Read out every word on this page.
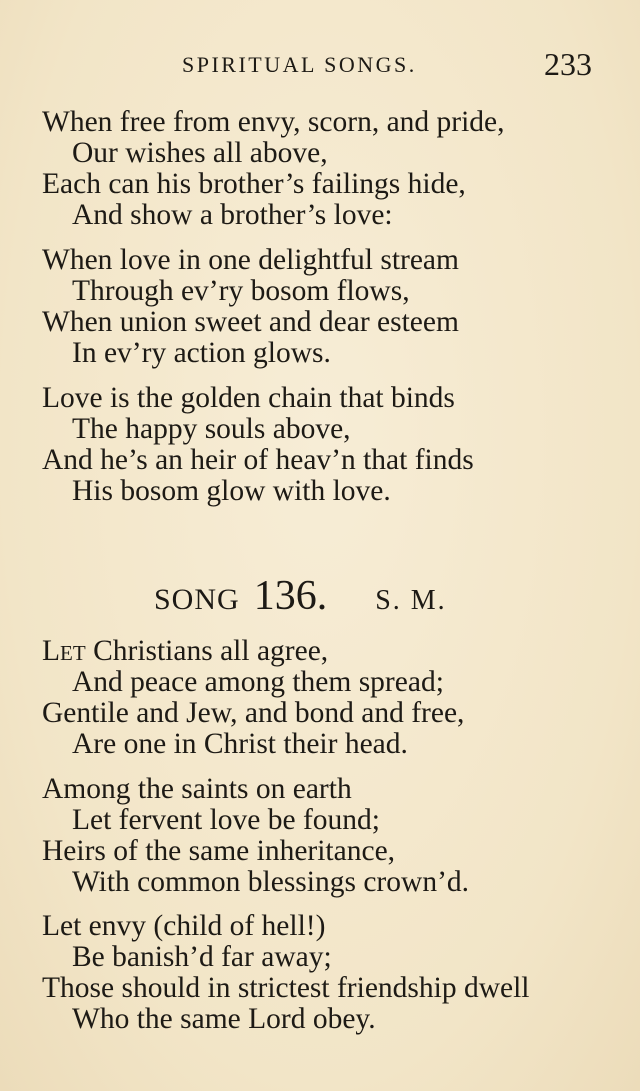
SPIRITUAL SONGS.	233
When free from envy, scorn, and pride,
Our wishes all above,
Each can his brother’s failings hide,
And show a brother’s love:
When love in one delightful stream
Through ev’ry bosom flows,
When union sweet and dear esteem
In ev’ry action glows.
Love is the golden chain that binds
The happy souls above,
And he’s an heir of heav’n that finds
His bosom glow with love.
SONG 136. S. M.
Let Christians all agree,
And peace among them spread;
Gentile and Jew, and bond and free,
Are one in Christ their head.
Among the saints on earth
Let fervent love be found;
Heirs of the same inheritance,
With common blessings crown’d.
Let envy (child of hell!)
Be banish’d far away;
Those should in strictest friendship dwell
Who the same Lord obey.
